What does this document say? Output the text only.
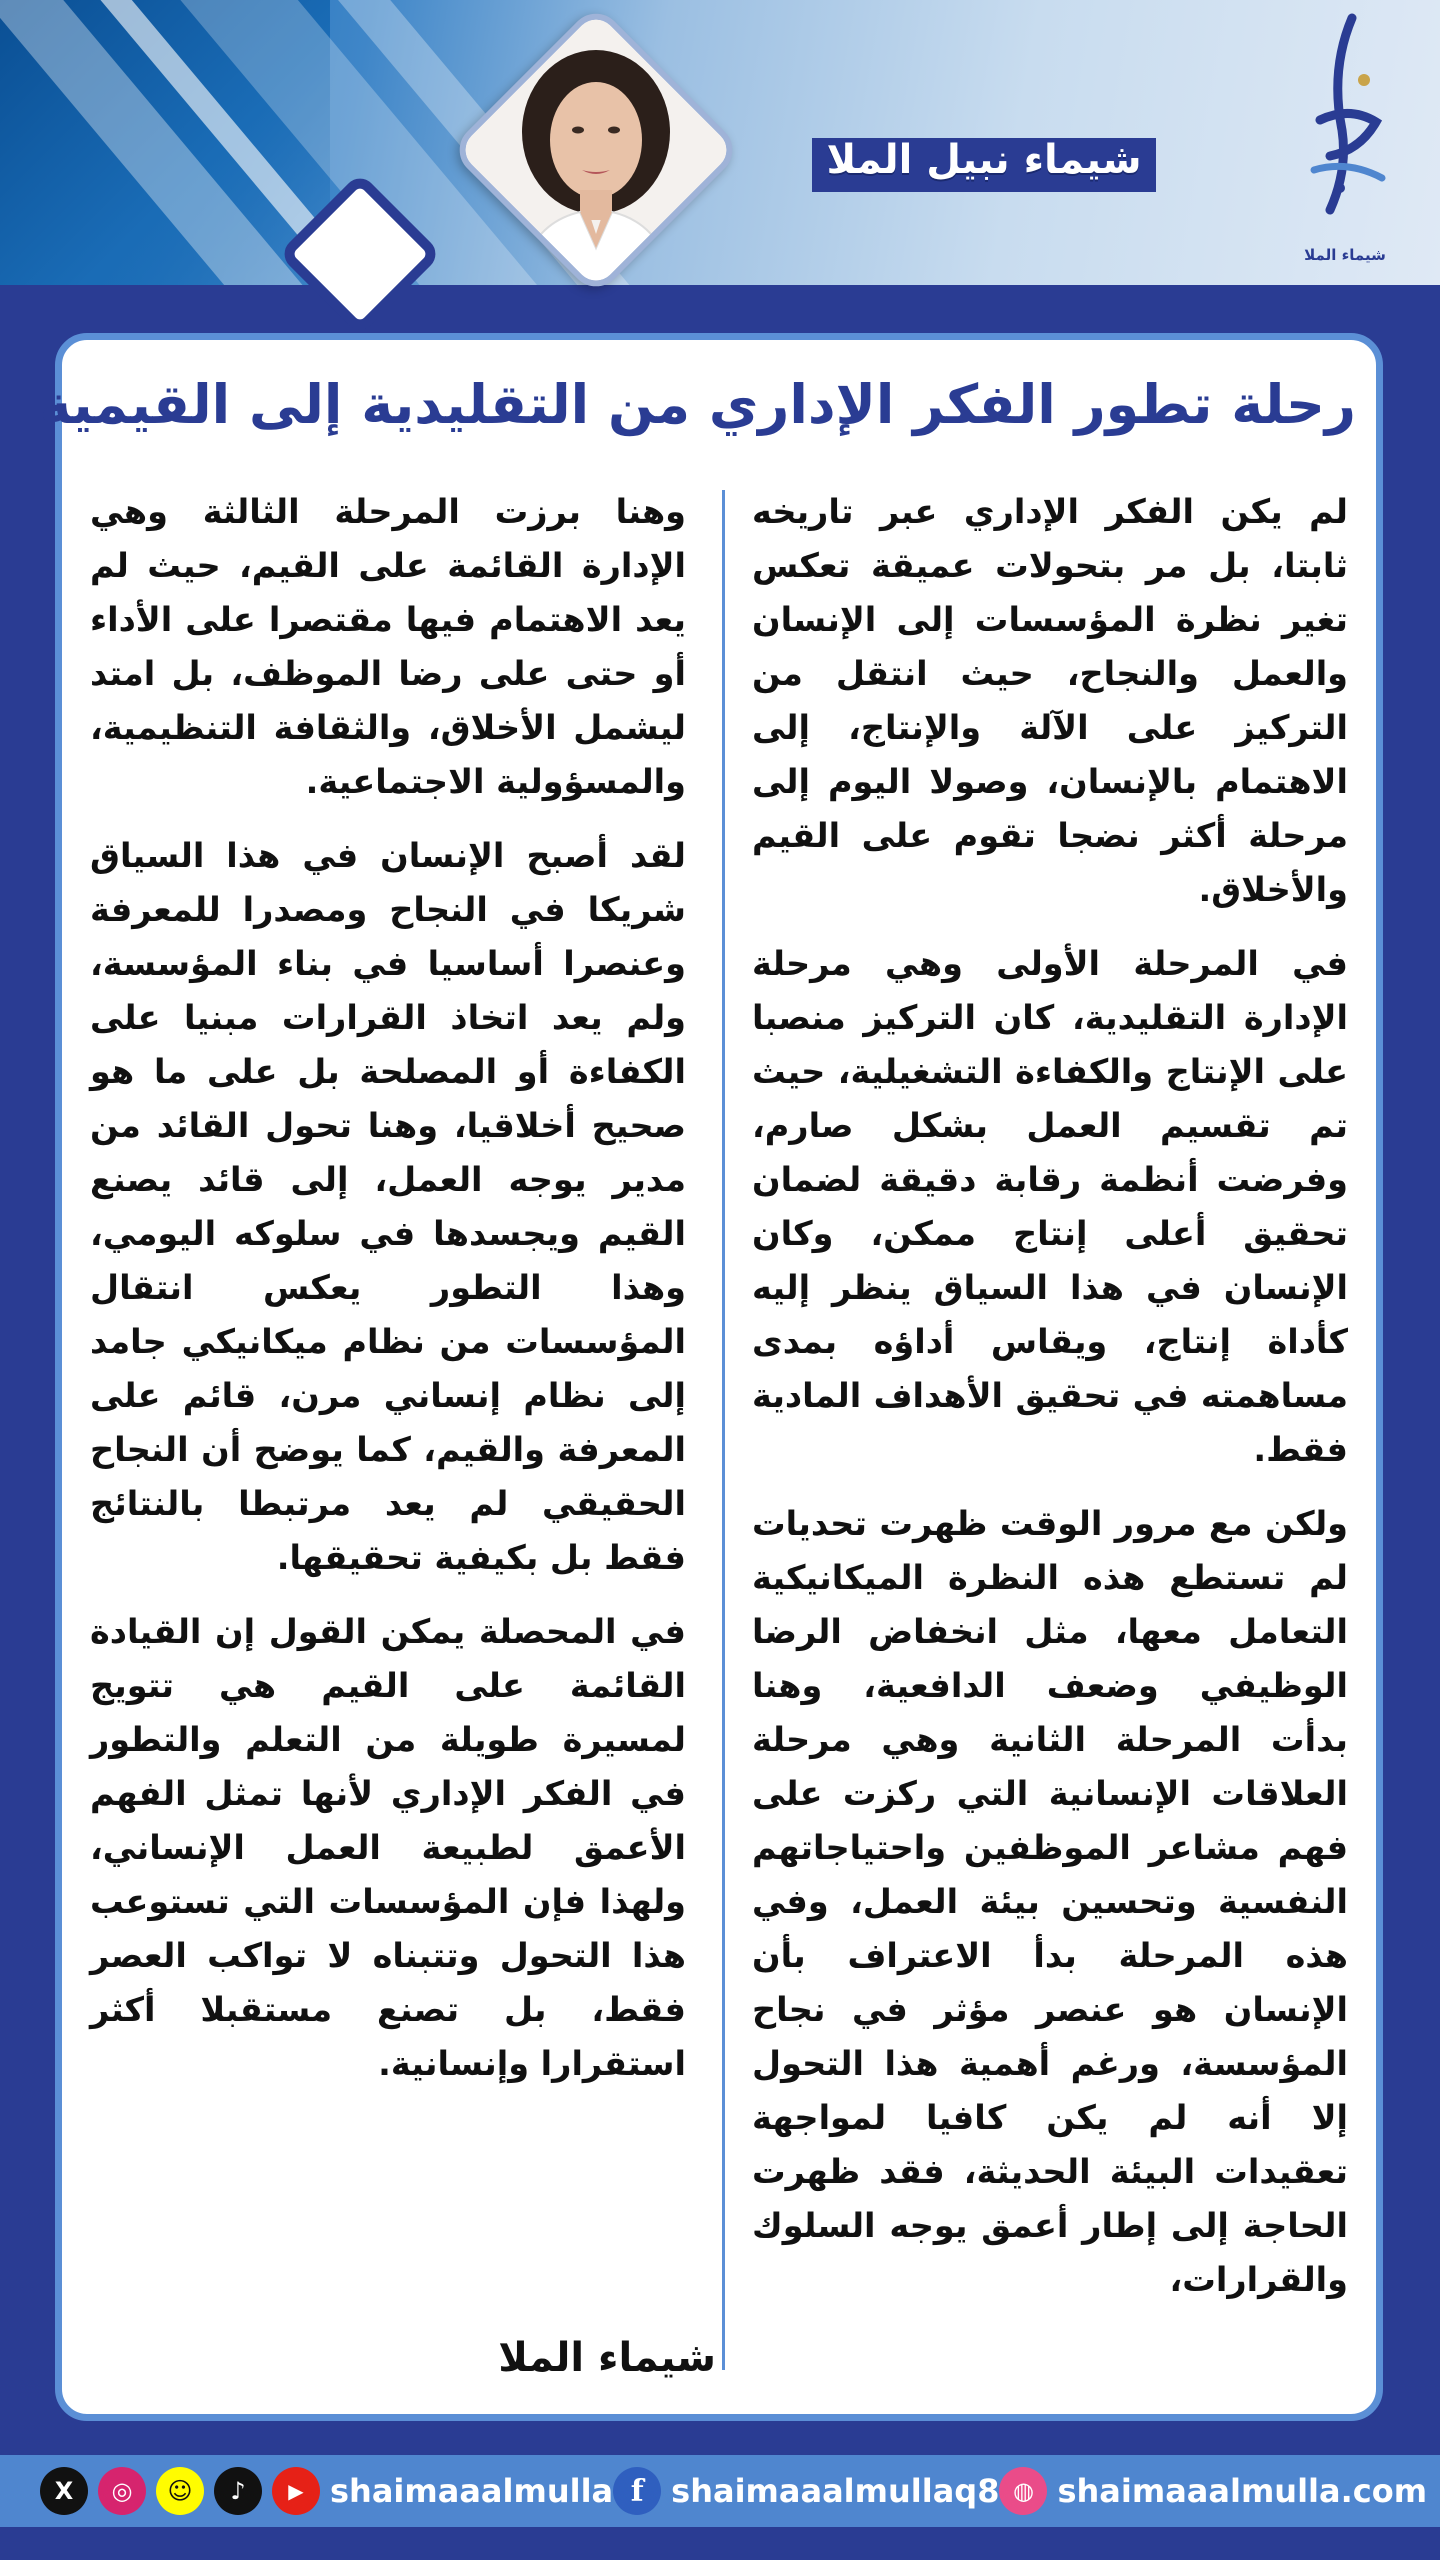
شيماء نبيل الملا
شيماء الملا
رحلة تطور الفكر الإداري من التقليدية إلى القيمية

لم يكن الفكر الإداري عبر تاريخه ثابتا، بل مر بتحولات عميقة تعكس تغير نظرة المؤسسات إلى الإنسان والعمل والنجاح، حيث انتقل من التركيز على الآلة والإنتاج، إلى الاهتمام بالإنسان، وصولا اليوم إلى مرحلة أكثر نضجا تقوم على القيم والأخلاق.

في المرحلة الأولى وهي مرحلة الإدارة التقليدية، كان التركيز منصبا على الإنتاج والكفاءة التشغيلية، حيث تم تقسيم العمل بشكل صارم، وفرضت أنظمة رقابة دقيقة لضمان تحقيق أعلى إنتاج ممكن، وكان الإنسان في هذا السياق ينظر إليه كأداة إنتاج، ويقاس أداؤه بمدى مساهمته في تحقيق الأهداف المادية فقط.

ولكن مع مرور الوقت ظهرت تحديات لم تستطع هذه النظرة الميكانيكية التعامل معها، مثل انخفاض الرضا الوظيفي وضعف الدافعية، وهنا بدأت المرحلة الثانية وهي مرحلة العلاقات الإنسانية التي ركزت على فهم مشاعر الموظفين واحتياجاتهم النفسية وتحسين بيئة العمل، وفي هذه المرحلة بدأ الاعتراف بأن الإنسان هو عنصر مؤثر في نجاح المؤسسة، ورغم أهمية هذا التحول إلا أنه لم يكن كافيا لمواجهة تعقيدات البيئة الحديثة، فقد ظهرت الحاجة إلى إطار أعمق يوجه السلوك والقرارات،

وهنا برزت المرحلة الثالثة وهي الإدارة القائمة على القيم، حيث لم يعد الاهتمام فيها مقتصرا على الأداء أو حتى على رضا الموظف، بل امتد ليشمل الأخلاق، والثقافة التنظيمية، والمسؤولية الاجتماعية.

لقد أصبح الإنسان في هذا السياق شريكا في النجاح ومصدرا للمعرفة وعنصرا أساسيا في بناء المؤسسة، ولم يعد اتخاذ القرارات مبنيا على الكفاءة أو المصلحة بل على ما هو صحيح أخلاقيا، وهنا تحول القائد من مدير يوجه العمل، إلى قائد يصنع القيم ويجسدها في سلوكه اليومي، وهذا التطور يعكس انتقال المؤسسات من نظام ميكانيكي جامد إلى نظام إنساني مرن، قائم على المعرفة والقيم، كما يوضح أن النجاح الحقيقي لم يعد مرتبطا بالنتائج فقط بل بكيفية تحقيقها.

في المحصلة يمكن القول إن القيادة القائمة على القيم هي تتويج لمسيرة طويلة من التعلم والتطور في الفكر الإداري لأنها تمثل الفهم الأعمق لطبيعة العمل الإنساني، ولهذا فإن المؤسسات التي تستوعب هذا التحول وتتبناه لا تواكب العصر فقط، بل تصنع مستقبلا أكثر استقرارا وإنسانية.

شيماء الملا
X	◎	☺	♪	▶ shaimaaalmulla f shaimaaalmullaq8 ◍ shaimaaalmulla.com
